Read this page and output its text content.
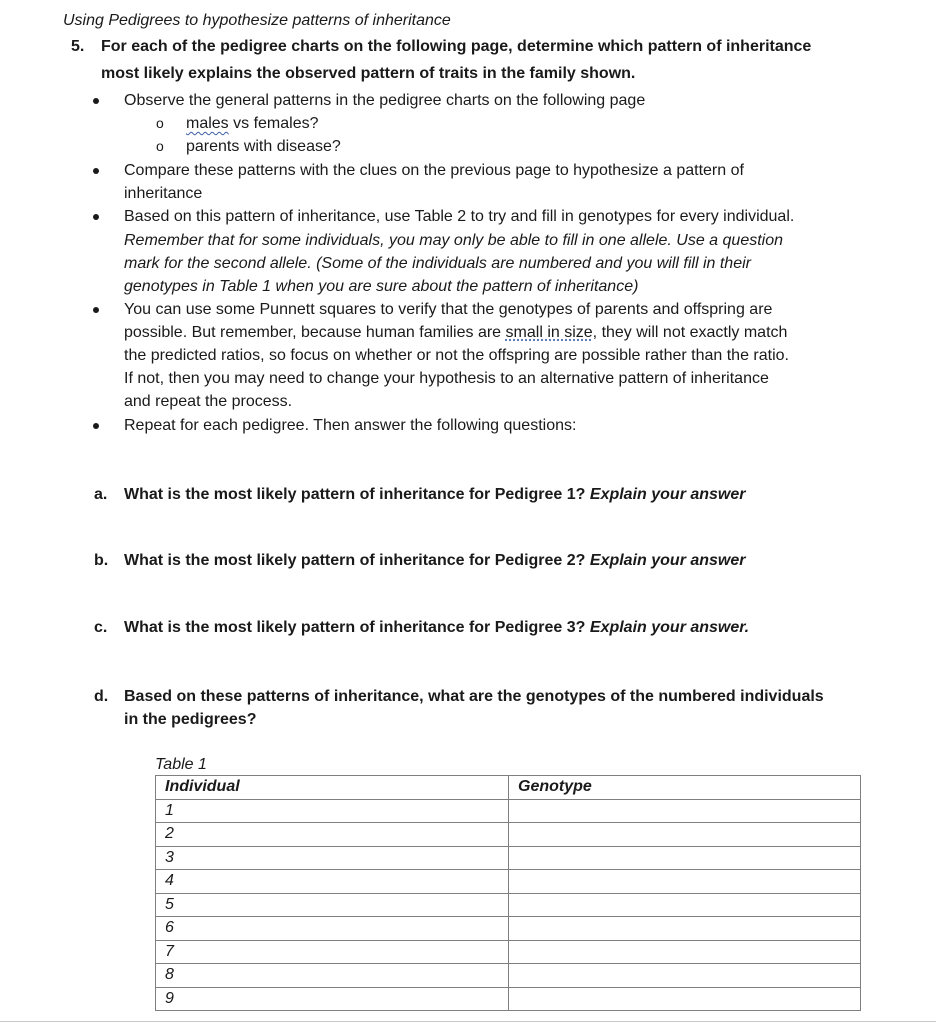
Using Pedigrees to hypothesize patterns of inheritance
5. For each of the pedigree charts on the following page, determine which pattern of inheritance
most likely explains the observed pattern of traits in the family shown.
Observe the general patterns in the pedigree charts on the following page
o males vs females?
o parents with disease?
Compare these patterns with the clues on the previous page to hypothesize a pattern of
inheritance
Based on this pattern of inheritance, use Table 2 to try and fill in genotypes for every individual.
Remember that for some individuals, you may only be able to fill in one allele. Use a question
mark for the second allele. (Some of the individuals are numbered and you will fill in their
genotypes in Table 1 when you are sure about the pattern of inheritance)
You can use some Punnett squares to verify that the genotypes of parents and offspring are
possible. But remember, because human families are small in size, they will not exactly match
the predicted ratios, so focus on whether or not the offspring are possible rather than the ratio.
If not, then you may need to change your hypothesis to an alternative pattern of inheritance
and repeat the process.
Repeat for each pedigree. Then answer the following questions:
a. What is the most likely pattern of inheritance for Pedigree 1? Explain your answer
b. What is the most likely pattern of inheritance for Pedigree 2? Explain your answer
c. What is the most likely pattern of inheritance for Pedigree 3? Explain your answer.
d. Based on these patterns of inheritance, what are the genotypes of the numbered individuals
in the pedigrees?
Table 1
Individual	Genotype
1	
2	
3	
4	
5	
6	
7	
8	
9	
